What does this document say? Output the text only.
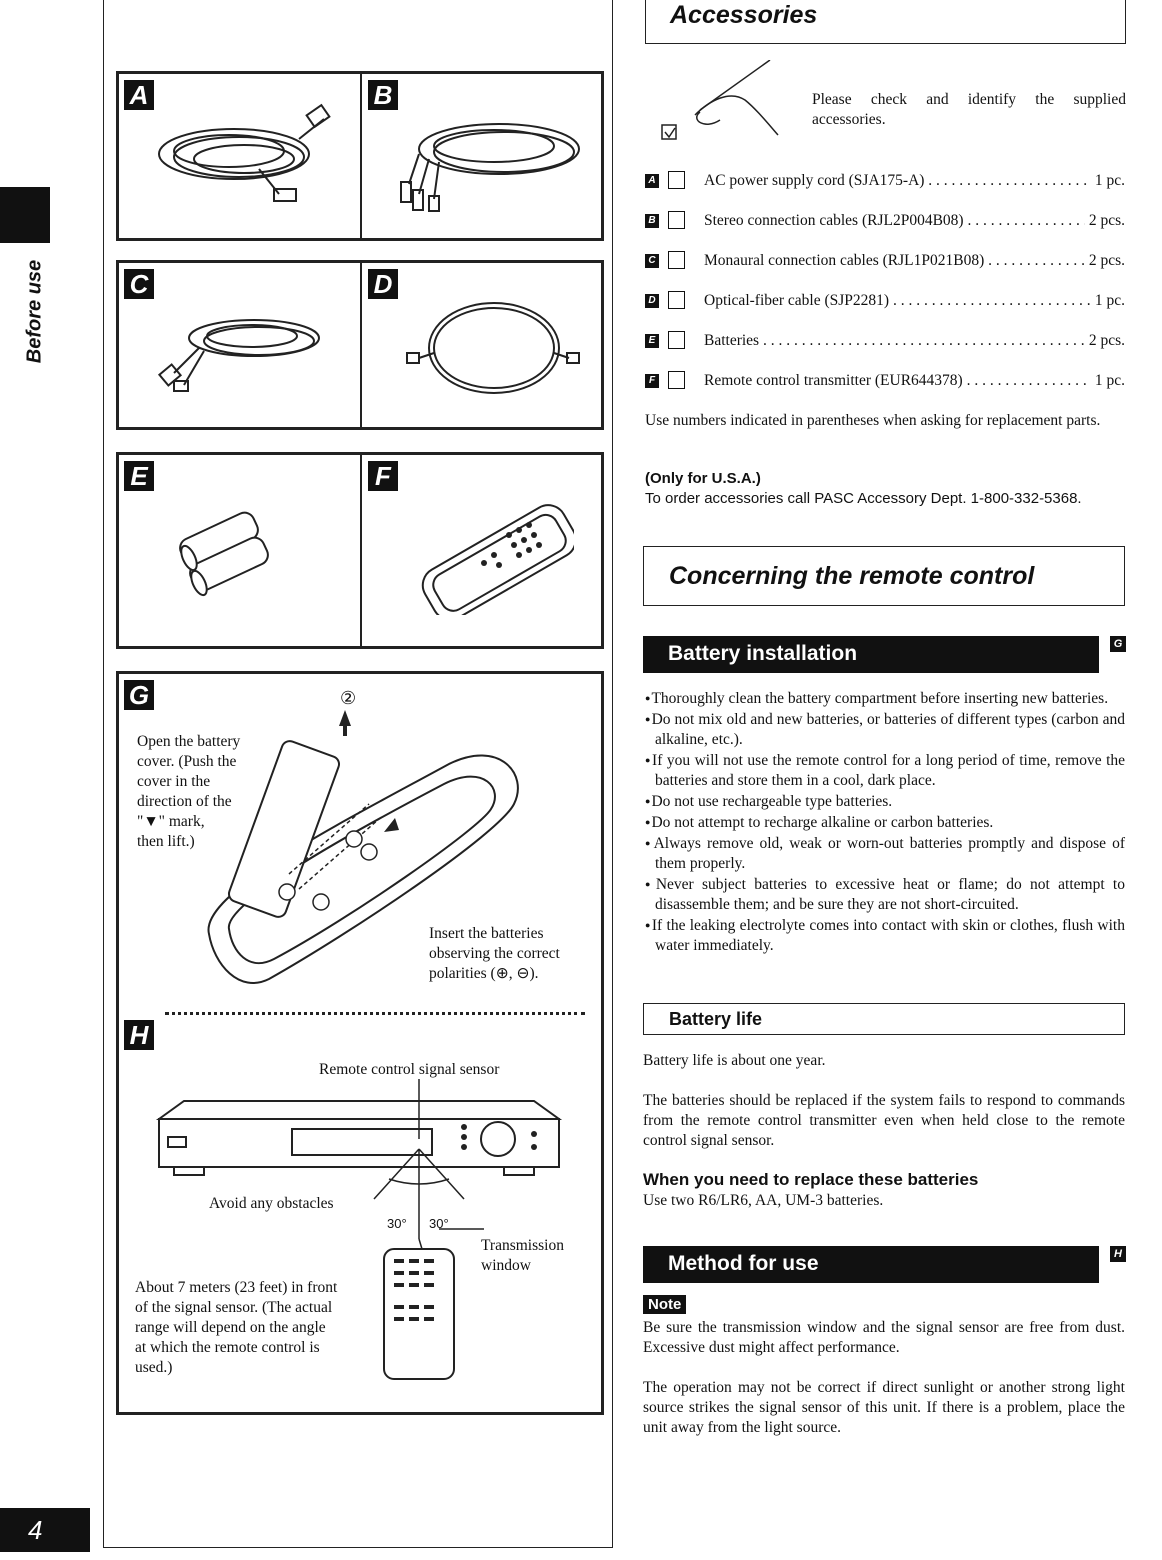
Before use
4
A	B
C	D
E	F
G
Open the battery
cover. (Push the
cover in the
direction of the
"▼" mark,
then lift.)
②
Insert the batteries
observing the correct
polarities (⊕, ⊖).
H
Remote control signal sensor
Avoid any obstacles
30° 30°
Transmission
window
About 7 meters (23 feet) in front
of the signal sensor. (The actual
range will depend on the angle
at which the remote control is
used.)
Accessories
Please check and identify the supplied accessories.
A	AC power supply cord (SJA175-A) . . .	1 pc.
B	Stereo connection cables (RJL2P004B08) . . .	2 pcs.
C	Monaural connection cables (RJL1P021B08) . . .	2 pcs.
D	Optical-fiber cable (SJP2281) . . .	1 pc.
E	Batteries . . .	2 pcs.
F	Remote control transmitter (EUR644378) . . .	1 pc.
Use numbers indicated in parentheses when asking for replacement parts.
(Only for U.S.A.)
To order accessories call PASC Accessory Dept. 1-800-332-5368.
Concerning the remote control
Battery installation	G
● Thoroughly clean the battery compartment before inserting new batteries.
● Do not mix old and new batteries, or batteries of different types (carbon and alkaline, etc.).
● If you will not use the remote control for a long period of time, remove the batteries and store them in a cool, dark place.
● Do not use rechargeable type batteries.
● Do not attempt to recharge alkaline or carbon batteries.
● Always remove old, weak or worn-out batteries promptly and dispose of them properly.
● Never subject batteries to excessive heat or flame; do not attempt to disassemble them; and be sure they are not short-circuited.
● If the leaking electrolyte comes into contact with skin or clothes, flush with water immediately.
Battery life
Battery life is about one year.
The batteries should be replaced if the system fails to respond to commands from the remote control transmitter even when held close to the remote control signal sensor.
When you need to replace these batteries
Use two R6/LR6, AA, UM-3 batteries.
Method for use	H
Note
Be sure the transmission window and the signal sensor are free from dust. Excessive dust might affect performance.
The operation may not be correct if direct sunlight or another strong light source strikes the signal sensor of this unit. If there is a problem, place the unit away from the light source.
